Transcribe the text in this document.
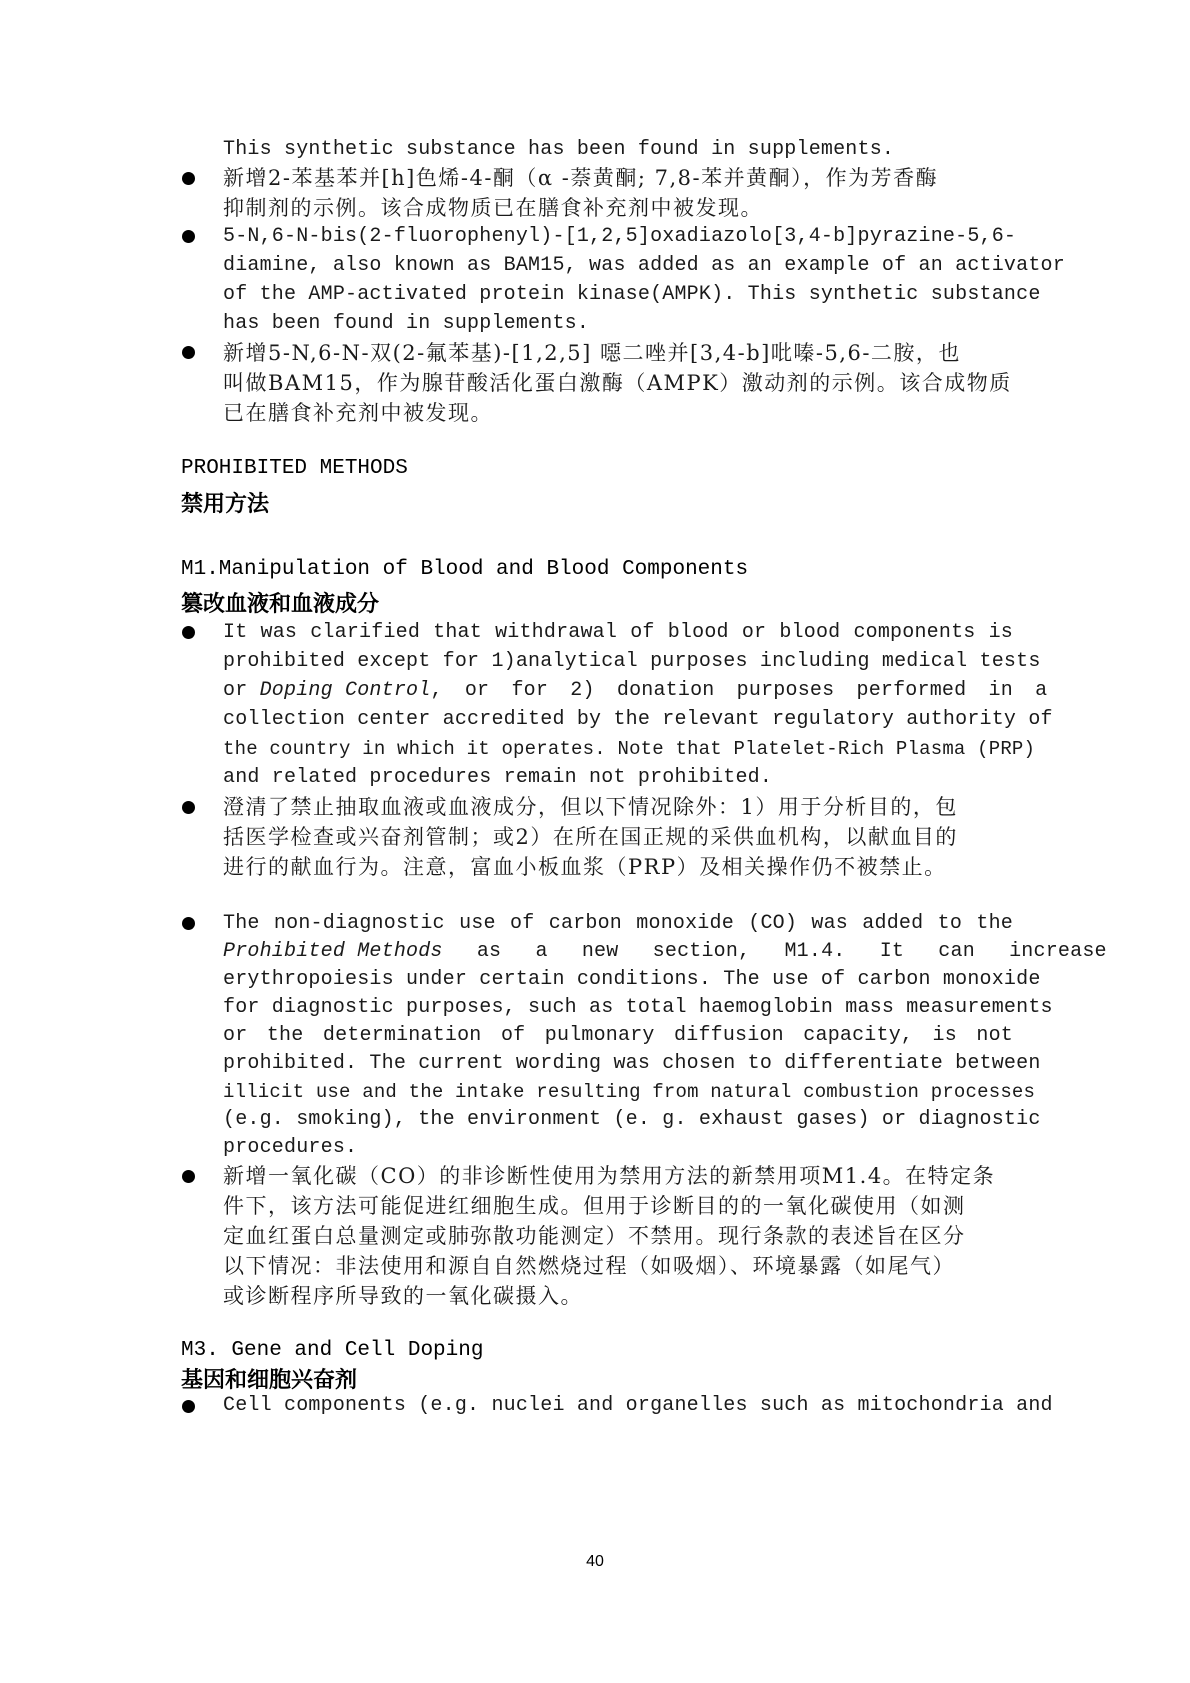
This synthetic substance has been found in supplements.
新增2-苯基苯并[h]色烯-4-酮（α -萘黄酮; 7,8-苯并黄酮），作为芳香酶
抑制剂的示例。该合成物质已在膳食补充剂中被发现。
5-N,6-N-bis(2-fluorophenyl)-[1,2,5]oxadiazolo[3,4-b]pyrazine-5,6-
diamine, also known as BAM15, was added as an example of an activator
of the AMP-activated protein kinase(AMPK). This synthetic substance
has been found in supplements.
新增5-N,6-N-双(2-氟苯基)-[1,2,5] 噁二唑并[3,4-b]吡嗪-5,6-二胺，也
叫做BAM15，作为腺苷酸活化蛋白激酶（AMPK）激动剂的示例。该合成物质
已在膳食补充剂中被发现。
PROHIBITED METHODS
禁用方法
M1.Manipulation of Blood and Blood Components
篡改血液和血液成分
It was clarified that withdrawal of blood or blood components is
prohibited except for 1)analytical purposes including medical tests
or Doping Control, or for 2) donation purposes performed in a
collection center accredited by the relevant regulatory authority of
the country in which it operates. Note that Platelet-Rich Plasma (PRP)
and related procedures remain not prohibited.
澄清了禁止抽取血液或血液成分，但以下情况除外：1）用于分析目的，包
括医学检查或兴奋剂管制；或2）在所在国正规的采供血机构，以献血目的
进行的献血行为。注意，富血小板血浆（PRP）及相关操作仍不被禁止。
The non-diagnostic use of carbon monoxide (CO) was added to the
Prohibited Methods as a new section, M1.4. It can increase
erythropoiesis under certain conditions. The use of carbon monoxide
for diagnostic purposes, such as total haemoglobin mass measurements
or the determination of pulmonary diffusion capacity, is not
prohibited. The current wording was chosen to differentiate between
illicit use and the intake resulting from natural combustion processes
(e.g. smoking), the environment (e. g. exhaust gases) or diagnostic
procedures.
新增一氧化碳（CO）的非诊断性使用为禁用方法的新禁用项M1.4。在特定条
件下，该方法可能促进红细胞生成。但用于诊断目的的一氧化碳使用（如测
定血红蛋白总量测定或肺弥散功能测定）不禁用。现行条款的表述旨在区分
以下情况：非法使用和源自自然燃烧过程（如吸烟）、环境暴露（如尾气）
或诊断程序所导致的一氧化碳摄入。
M3. Gene and Cell Doping
基因和细胞兴奋剂
Cell components (e.g. nuclei and organelles such as mitochondria and
40
